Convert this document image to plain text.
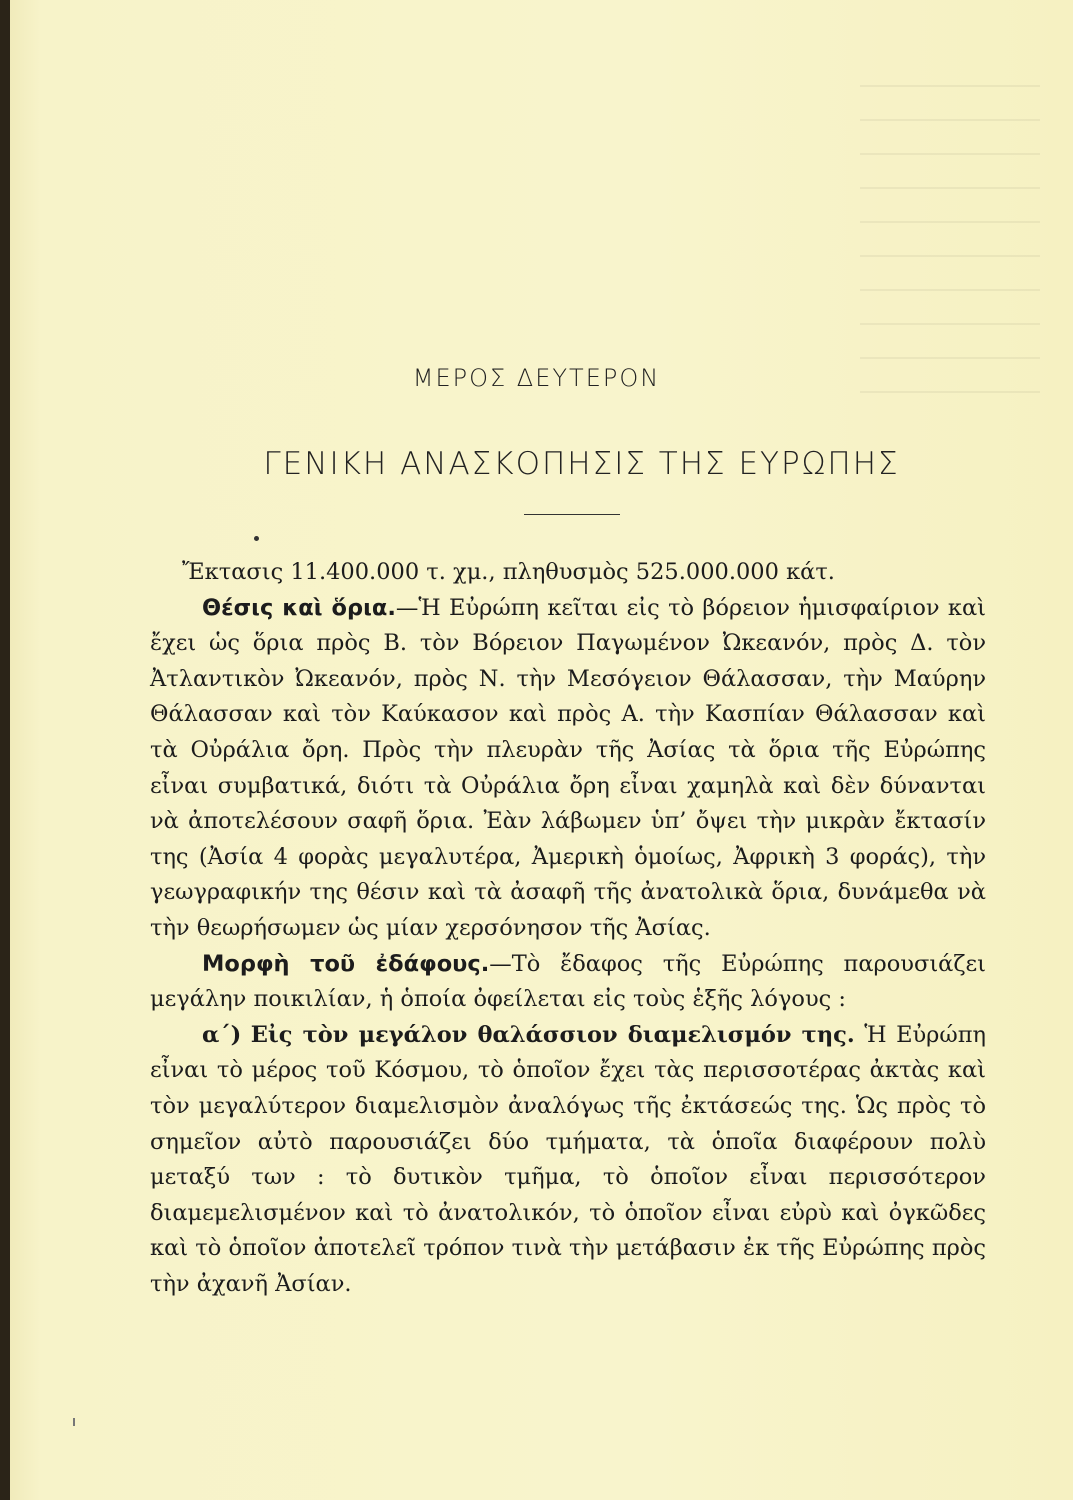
ΜΕΡΟΣ ΔΕΥΤΕΡΟΝ
ΓΕΝΙΚΗ ΑΝΑΣΚΟΠΗΣΙΣ ΤΗΣ ΕΥΡΩΠΗΣ

Ἔκτασις 11.400.000 τ. χμ., πληθυσμὸς 525.000.000 κάτ.

Θέσις καὶ ὅρια.—Ἡ Εὐρώπη κεῖται εἰς τὸ βόρειον ἡμισφαίριον καὶ ἔχει ὡς ὅρια πρὸς Β. τὸν Βόρειον Παγωμένον Ὠκεανόν, πρὸς Δ. τὸν Ἀτλαντικὸν Ὠκεανόν, πρὸς Ν. τὴν Μεσόγειον Θάλασσαν, τὴν Μαύρην Θάλασσαν καὶ τὸν Καύκασον καὶ πρὸς Α. τὴν Κασπίαν Θάλασσαν καὶ τὰ Οὐράλια ὄρη. Πρὸς τὴν πλευρὰν τῆς Ἀσίας τὰ ὅρια τῆς Εὐρώπης εἶναι συμβατικά, διότι τὰ Οὐράλια ὄρη εἶναι χαμηλὰ καὶ δὲν δύνανται νὰ ἀποτελέσουν σαφῆ ὅρια. Ἐὰν λάβωμεν ὑπ’ ὄψει τὴν μικρὰν ἔκτασίν της (Ἀσία 4 φορὰς μεγαλυτέρα, Ἀμερικὴ ὁμοίως, Ἀφρικὴ 3 φοράς), τὴν γεωγραφικήν της θέσιν καὶ τὰ ἀσαφῆ τῆς ἀνατολικὰ ὅρια, δυνάμεθα νὰ τὴν θεωρήσωμεν ὡς μίαν χερσόνησον τῆς Ἀσίας.

Μορφὴ τοῦ ἐδάφους.—Τὸ ἔδαφος τῆς Εὐρώπης παρουσιάζει μεγάλην ποικιλίαν, ἡ ὁποία ὀφείλεται εἰς τοὺς ἑξῆς λόγους :

α΄) Εἰς τὸν μεγάλον θαλάσσιον διαμελισμόν της. Ἡ Εὐρώπη εἶναι τὸ μέρος τοῦ Κόσμου, τὸ ὁποῖον ἔχει τὰς περισσοτέρας ἀκτὰς καὶ τὸν μεγαλύτερον διαμελισμὸν ἀναλόγως τῆς ἐκτάσεώς της. Ὡς πρὸς τὸ σημεῖον αὐτὸ παρουσιάζει δύο τμήματα, τὰ ὁποῖα διαφέρουν πολὺ μεταξύ των : τὸ δυτικὸν τμῆμα, τὸ ὁποῖον εἶναι περισσότερον διαμεμελισμένον καὶ τὸ ἀνατολικόν, τὸ ὁποῖον εἶναι εὐρὺ καὶ ὀγκῶδες καὶ τὸ ὁποῖον ἀποτελεῖ τρόπον τινὰ τὴν μετάβασιν ἐκ τῆς Εὐρώπης πρὸς τὴν ἀχανῆ Ἀσίαν.
